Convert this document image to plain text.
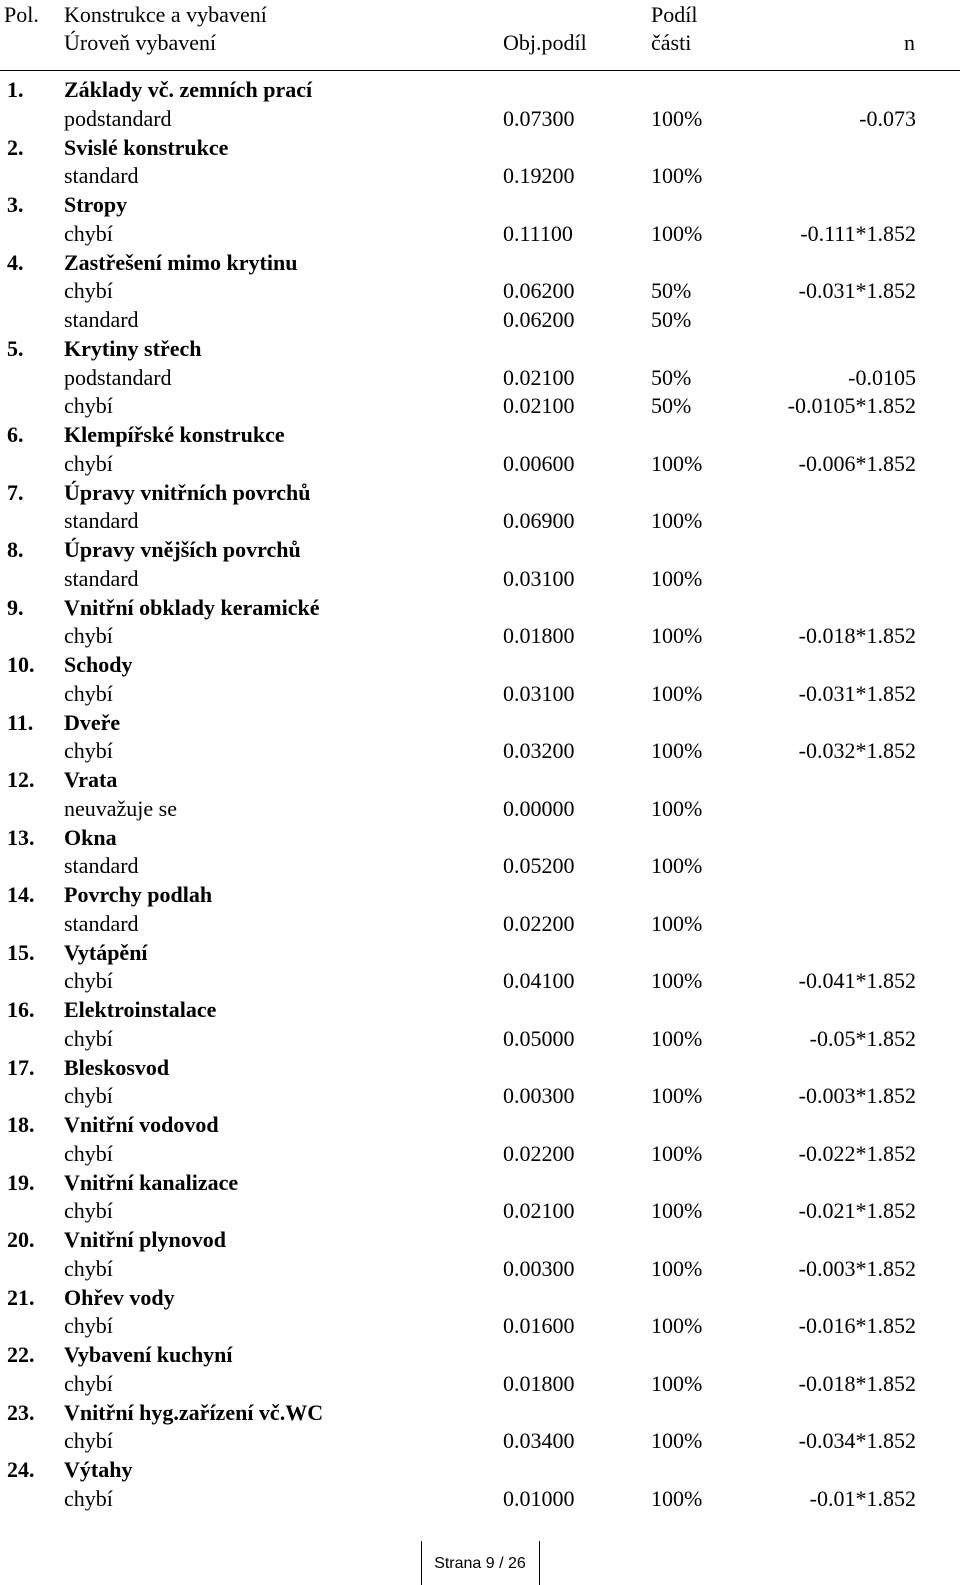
Pol. Konstrukce a vybavení
Úroveň vybavení	Obj.podíl
Podíl
části	n
1. Základy vč. zemních prací
podstandard	0.07300	100%	-0.073
2. Svislé konstrukce
standard	0.19200	100%
3. Stropy
chybí	0.11100	100%	-0.111*1.852
4. Zastřešení mimo krytinu
chybí	0.06200	50%	-0.031*1.852
standard	0.06200	50%
5. Krytiny střech
podstandard	0.02100	50%	-0.0105
chybí	0.02100	50%	-0.0105*1.852
6. Klempířské konstrukce
chybí	0.00600	100%	-0.006*1.852
7. Úpravy vnitřních povrchů
standard	0.06900	100%
8. Úpravy vnějších povrchů
standard	0.03100	100%
9. Vnitřní obklady keramické
chybí	0.01800	100%	-0.018*1.852
10. Schody
chybí	0.03100	100%	-0.031*1.852
11. Dveře
chybí	0.03200	100%	-0.032*1.852
12. Vrata
neuvažuje se	0.00000	100%
13. Okna
standard	0.05200	100%
14. Povrchy podlah
standard	0.02200	100%
15. Vytápění
chybí	0.04100	100%	-0.041*1.852
16. Elektroinstalace
chybí	0.05000	100%	-0.05*1.852
17. Bleskosvod
chybí	0.00300	100%	-0.003*1.852
18. Vnitřní vodovod
chybí	0.02200	100%	-0.022*1.852
19. Vnitřní kanalizace
chybí	0.02100	100%	-0.021*1.852
20. Vnitřní plynovod
chybí	0.00300	100%	-0.003*1.852
21. Ohřev vody
chybí	0.01600	100%	-0.016*1.852
22. Vybavení kuchyní
chybí	0.01800	100%	-0.018*1.852
23. Vnitřní hyg.zařízení vč.WC
chybí	0.03400	100%	-0.034*1.852
24. Výtahy
chybí	0.01000	100%	-0.01*1.852
Strana 9 / 26
